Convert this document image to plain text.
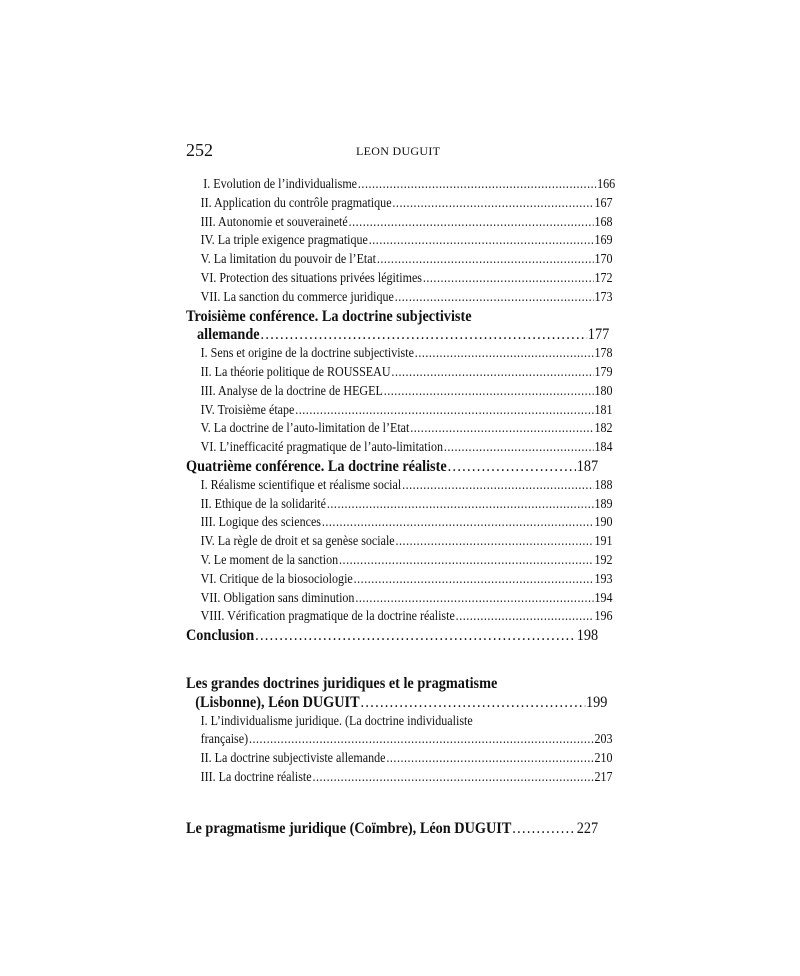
252	LEON DUGUIT
I. Evolution de l’individualisme .....	166
II. Application du contrôle pragmatique .....	167
III. Autonomie et souveraineté .....	168
IV. La triple exigence pragmatique .....	169
V. La limitation du pouvoir de l’Etat .....	170
VI. Protection des situations privées légitimes .....	172
VII. La sanction du commerce juridique .....	173
Troisième conférence. La doctrine subjectiviste
allemande .....	177
I. Sens et origine de la doctrine subjectiviste .....	178
II. La théorie politique de ROUSSEAU .....	179
III. Analyse de la doctrine de HEGEL .....	180
IV. Troisième étape .....	181
V. La doctrine de l’auto-limitation de l’Etat .....	182
VI. L’inefficacité pragmatique de l’auto-limitation .....	184
Quatrième conférence. La doctrine réaliste .....	187
I. Réalisme scientifique et réalisme social .....	188
II. Ethique de la solidarité .....	189
III. Logique des sciences .....	190
IV. La règle de droit et sa genèse sociale .....	191
V. Le moment de la sanction .....	192
VI. Critique de la biosociologie .....	193
VII. Obligation sans diminution .....	194
VIII. Vérification pragmatique de la doctrine réaliste .....	196
Conclusion .....	198
Les grandes doctrines juridiques et le pragmatisme
(Lisbonne), Léon DUGUIT .....	199
I. L’individualisme juridique. (La doctrine individualiste
française) .....	203
II. La doctrine subjectiviste allemande .....	210
III. La doctrine réaliste .....	217
Le pragmatisme juridique (Coïmbre), Léon DUGUIT .....	227
